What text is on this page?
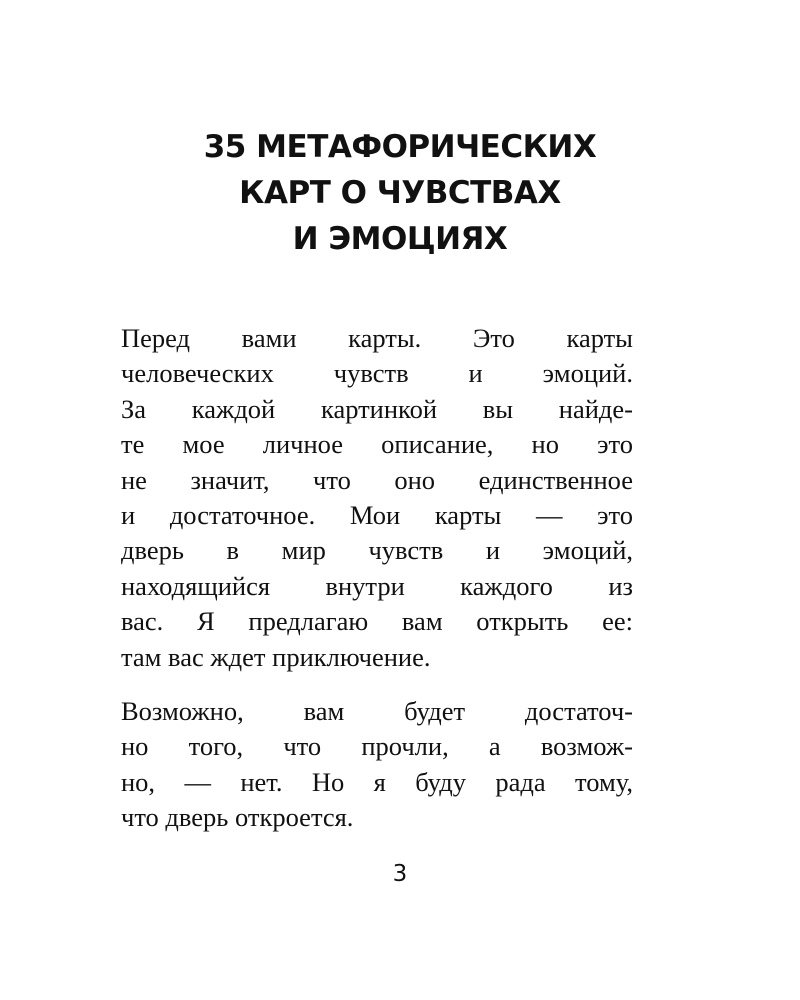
35 МЕТАФОРИЧЕСКИХ
КАРТ О ЧУВСТВАХ
И ЭМОЦИЯХ

Перед вами карты. Это карты
человеческих чувств и эмоций.
За каждой картинкой вы найде-
те мое личное описание, но это
не значит, что оно единственное
и достаточное. Мои карты — это
дверь в мир чувств и эмоций,
находящийся внутри каждого из
вас. Я предлагаю вам открыть ее:
там вас ждет приключение.

Возможно, вам будет достаточ-
но того, что прочли, а возмож-
но, — нет. Но я буду рада тому,
что дверь откроется.

3
